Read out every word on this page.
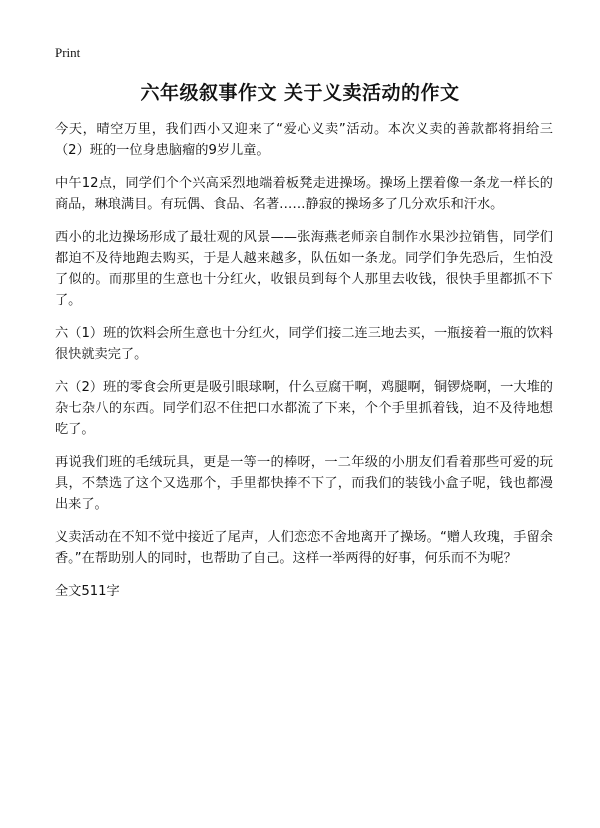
Print
六年级叙事作文 关于义卖活动的作文

今天，晴空万里，我们西小又迎来了“爱心义卖”活动。本次义卖的善款都将捐给三（2）班的一位身患脑瘤的9岁儿童。

中午12点，同学们个个兴高采烈地端着板凳走进操场。操场上摆着像一条龙一样长的商品，琳琅满目。有玩偶、食品、名著……静寂的操场多了几分欢乐和汗水。

西小的北边操场形成了最壮观的风景——张海燕老师亲自制作水果沙拉销售，同学们都迫不及待地跑去购买，于是人越来越多，队伍如一条龙。同学们争先恐后，生怕没了似的。而那里的生意也十分红火，收银员到每个人那里去收钱，很快手里都抓不下了。

六（1）班的饮料会所生意也十分红火，同学们接二连三地去买，一瓶接着一瓶的饮料很快就卖完了。

六（2）班的零食会所更是吸引眼球啊，什么豆腐干啊，鸡腿啊，铜锣烧啊，一大堆的杂七杂八的东西。同学们忍不住把口水都流了下来，个个手里抓着钱，迫不及待地想吃了。

再说我们班的毛绒玩具，更是一等一的棒呀，一二年级的小朋友们看着那些可爱的玩具，不禁选了这个又选那个，手里都快捧不下了，而我们的装钱小盒子呢，钱也都漫出来了。

义卖活动在不知不觉中接近了尾声，人们恋恋不舍地离开了操场。“赠人玫瑰，手留余香。”在帮助别人的同时，也帮助了自己。这样一举两得的好事，何乐而不为呢？

全文511字
